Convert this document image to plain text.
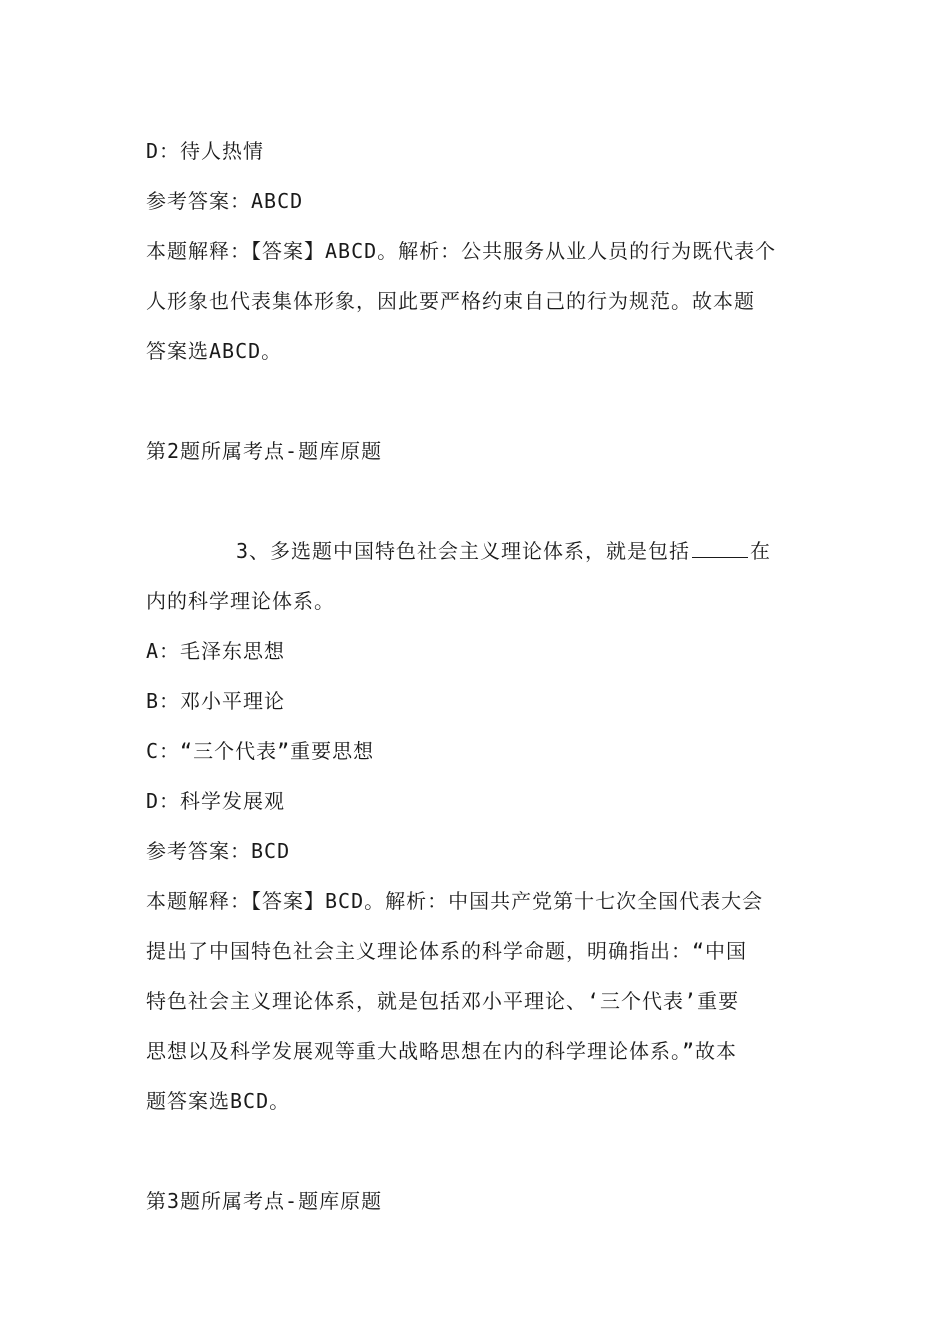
D：待人热情
参考答案：ABCD
本题解释：【答案】ABCD。解析：公共服务从业人员的行为既代表个
人形象也代表集体形象，因此要严格约束自己的行为规范。故本题
答案选ABCD。
第2题所属考点-题库原题
3、多选题中国特色社会主义理论体系，就是包括	在
内的科学理论体系。
A：毛泽东思想
B：邓小平理论
C：“三个代表”重要思想
D：科学发展观
参考答案：BCD
本题解释：【答案】BCD。解析：中国共产党第十七次全国代表大会
提出了中国特色社会主义理论体系的科学命题，明确指出：“中国
特色社会主义理论体系，就是包括邓小平理论、‘三个代表’重要
思想以及科学发展观等重大战略思想在内的科学理论体系。”故本
题答案选BCD。
第3题所属考点-题库原题
